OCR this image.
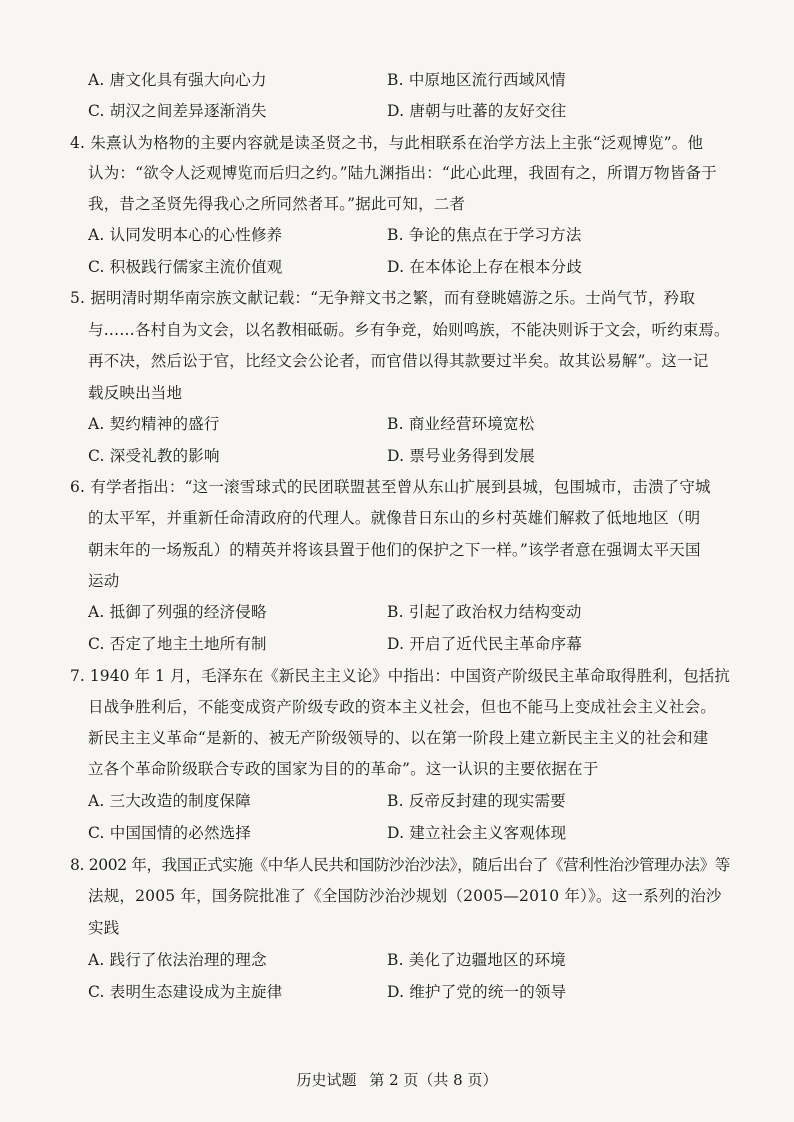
A. 唐文化具有强大向心力	B. 中原地区流行西域风情
C. 胡汉之间差异逐渐消失	D. 唐朝与吐蕃的友好交往
4. 朱熹认为格物的主要内容就是读圣贤之书，与此相联系在治学方法上主张“泛观博览”。他
认为：“欲令人泛观博览而后归之约。”陆九渊指出：“此心此理，我固有之，所谓万物皆备于
我，昔之圣贤先得我心之所同然者耳。”据此可知，二者
A. 认同发明本心的心性修养	B. 争论的焦点在于学习方法
C. 积极践行儒家主流价值观	D. 在本体论上存在根本分歧
5. 据明清时期华南宗族文献记载：“无争辩文书之繁，而有登眺嬉游之乐。士尚气节，矜取
与……各村自为文会，以名教相砥砺。乡有争竞，始则鸣族，不能决则诉于文会，听约束焉。
再不决，然后讼于官，比经文会公论者，而官借以得其款要过半矣。故其讼易解”。这一记
载反映出当地
A. 契约精神的盛行	B. 商业经营环境宽松
C. 深受礼教的影响	D. 票号业务得到发展
6. 有学者指出：“这一滚雪球式的民团联盟甚至曾从东山扩展到县城，包围城市，击溃了守城
的太平军，并重新任命清政府的代理人。就像昔日东山的乡村英雄们解救了低地地区（明
朝末年的一场叛乱）的精英并将该县置于他们的保护之下一样。”该学者意在强调太平天国
运动
A. 抵御了列强的经济侵略	B. 引起了政治权力结构变动
C. 否定了地主土地所有制	D. 开启了近代民主革命序幕
7. 1940 年 1 月，毛泽东在《新民主主义论》中指出：中国资产阶级民主革命取得胜利，包括抗
日战争胜利后，不能变成资产阶级专政的资本主义社会，但也不能马上变成社会主义社会。
新民主主义革命“是新的、被无产阶级领导的、以在第一阶段上建立新民主主义的社会和建
立各个革命阶级联合专政的国家为目的的革命”。这一认识的主要依据在于
A. 三大改造的制度保障	B. 反帝反封建的现实需要
C. 中国国情的必然选择	D. 建立社会主义客观体现
8. 2002 年，我国正式实施《中华人民共和国防沙治沙法》，随后出台了《营利性治沙管理办法》等
法规，2005 年，国务院批准了《全国防沙治沙规划（2005—2010 年）》。这一系列的治沙
实践
A. 践行了依法治理的理念	B. 美化了边疆地区的环境
C. 表明生态建设成为主旋律	D. 维护了党的统一的领导
历史试题 第 2 页（共 8 页）
